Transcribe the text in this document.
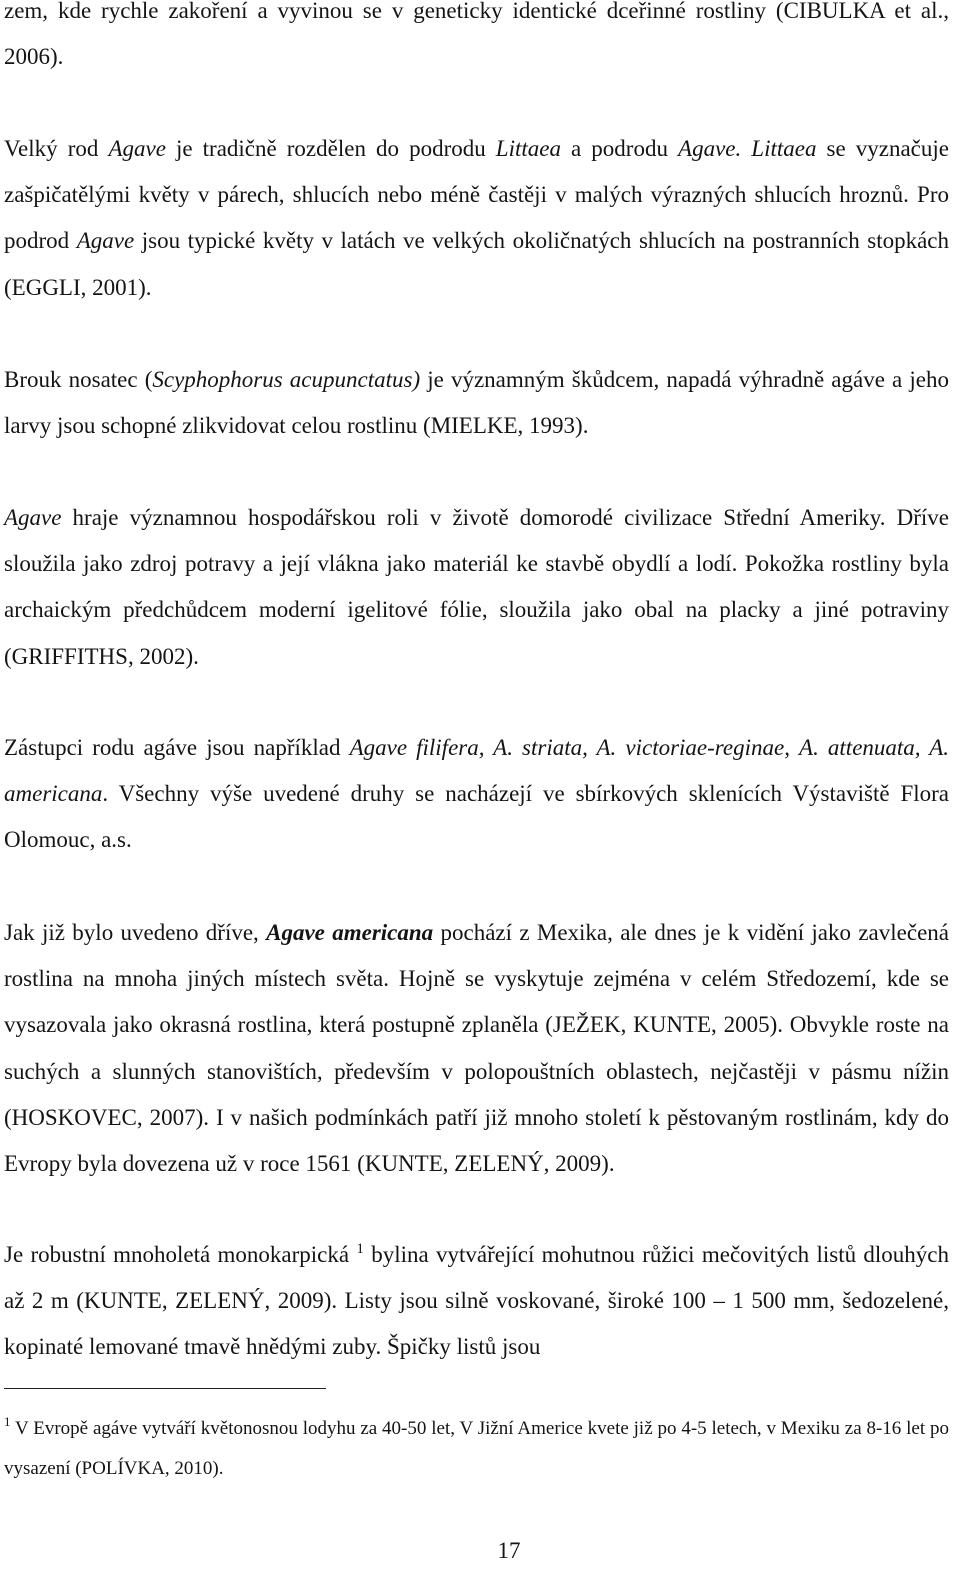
zem, kde rychle zakoření a vyvinou se v geneticky identické dceřinné rostliny (CIBULKA et al., 2006).

Velký rod Agave je tradičně rozdělen do podrodu Littaea a podrodu Agave. Littaea se vyznačuje zašpičatělými květy v párech, shlucích nebo méně častěji v malých výrazných shlucích hroznů. Pro podrod Agave jsou typické květy v latách ve velkých okoličnatých shlucích na postranních stopkách (EGGLI, 2001).

Brouk nosatec (Scyphophorus acupunctatus) je významným škůdcem, napadá výhradně agáve a jeho larvy jsou schopné zlikvidovat celou rostlinu (MIELKE, 1993).

Agave hraje významnou hospodářskou roli v životě domorodé civilizace Střední Ameriky. Dříve sloužila jako zdroj potravy a její vlákna jako materiál ke stavbě obydlí a lodí. Pokožka rostliny byla archaickým předchůdcem moderní igelitové fólie, sloužila jako obal na placky a jiné potraviny (GRIFFITHS, 2002).

Zástupci rodu agáve jsou například Agave filifera, A. striata, A. victoriae-reginae, A. attenuata, A. americana. Všechny výše uvedené druhy se nacházejí ve sbírkových sklenících Výstaviště Flora Olomouc, a.s.

Jak již bylo uvedeno dříve, Agave americana pochází z Mexika, ale dnes je k vidění jako zavlečená rostlina na mnoha jiných místech světa. Hojně se vyskytuje zejména v celém Středozemí, kde se vysazovala jako okrasná rostlina, která postupně zplaněla (JEŽEK, KUNTE, 2005). Obvykle roste na suchých a slunných stanovištích, především v polopouštních oblastech, nejčastěji v pásmu nížin (HOSKOVEC, 2007). I v našich podmínkách patří již mnoho století k pěstovaným rostlinám, kdy do Evropy byla dovezena už v roce 1561 (KUNTE, ZELENÝ, 2009).

Je robustní mnoholetá monokarpická $^1$ bylina vytvářející mohutnou růžici mečovitých listů dlouhých až 2 m (KUNTE, ZELENÝ, 2009). Listy jsou silně voskované, široké 100 – 1 500 mm, šedozelené, kopinaté lemované tmavě hnědými zuby. Špičky listů jsou

$^1$ V Evropě agáve vytváří květonosnou lodyhu za 40-50 let, V Jižní Americe kvete již po 4-5 letech, v Mexiku za 8-16 let po vysazení (POLÍVKA, 2010).

17
